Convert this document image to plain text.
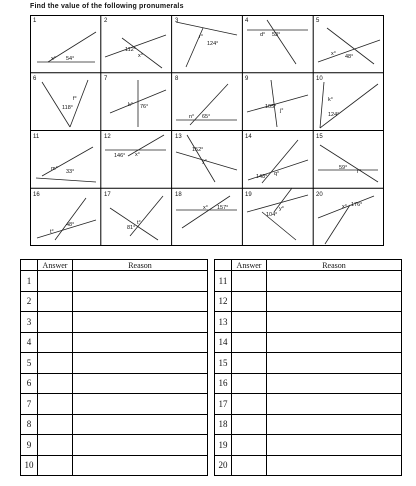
Find the value of the following pronumerals
1
x° 54°
2
112°
x°
3
r°
124°
4
d° 53°
5
x° 48°
6
f°
118°
7
k° 76°
8
n° 65°
9
105°
j°
10
k°
124°
11
m° 33°
12
146° x°
13
152°
y°
14
148° q°
15
59°
r°
16
t°
48°
17
81°
t°
18
x° 157°
19
y°
104°
20
x° 176°
	Answer	Reason			Answer	Reason
1				11		
2				12		
3				13		
4				14		
5				15		
6				16		
7				17		
8				18		
9				19		
10				20		
